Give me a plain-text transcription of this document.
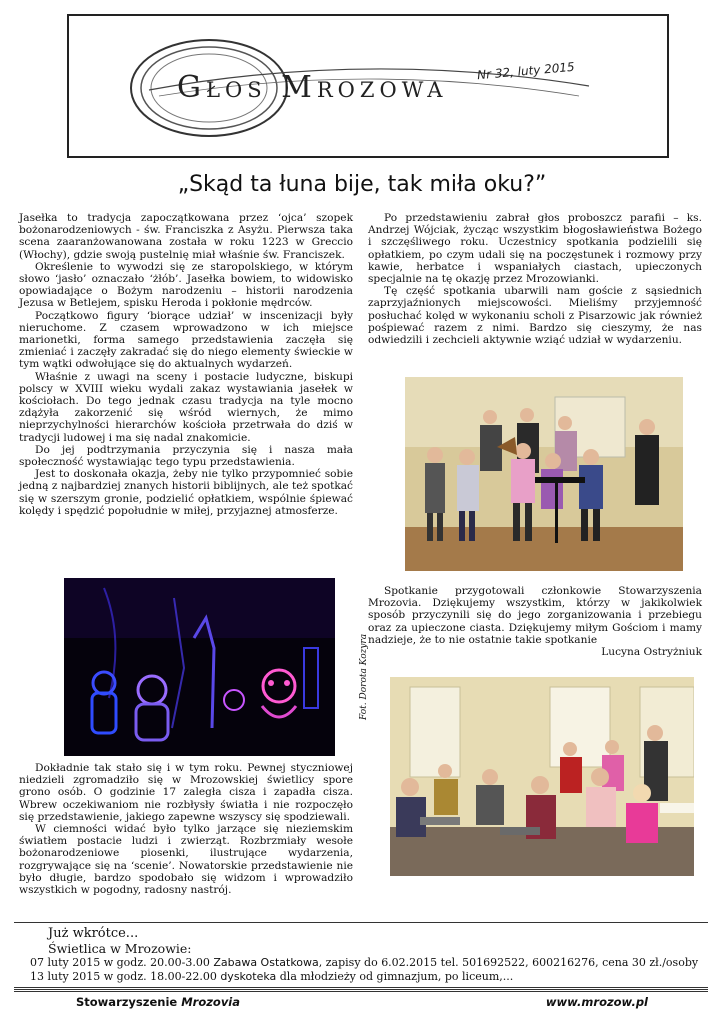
Głos Mrozowa Nr 32, luty 2015
„Skąd ta łuna bije, tak miła oku?”

Jasełka to tradycja zapoczątkowana przez ‘ojca’ szopek bożonarodzeniowych - św. Franciszka z Asyżu. Pierwsza taka scena zaaranżowanowana została w roku 1223 w Greccio (Włochy), gdzie swoją pustelnię miał właśnie św. Franciszek.

Określenie to wywodzi się ze staropolskiego, w którym słowo ‘jasło’ oznaczało ‘żłób’. Jasełka bowiem, to widowisko opowiadające o Bożym narodzeniu – historii narodzenia Jezusa w Betlejem, spisku Heroda i pokłonie mędrców.

Początkowo figury ‘biorące udział’ w inscenizacji były nieruchome. Z czasem wprowadzono w ich miejsce marionetki, forma samego przedstawienia zaczęła się zmieniać i zaczęły zakradać się do niego elementy świeckie w tym wątki odwołujące się do aktualnych wydarzeń.

Właśnie z uwagi na sceny i postacie ludyczne, biskupi polscy w XVIII wieku wydali zakaz wystawiania jasełek w kościołach. Do tego jednak czasu tradycja na tyle mocno zdążyła zakorzenić się wśród wiernych, że mimo nieprzychylności hierarchów kościoła przetrwała do dziś w tradycji ludowej i ma się nadal znakomicie.

Do jej podtrzymania przyczynia się i nasza mała społeczność wystawiając tego typu przedstawienia.

Jest to doskonała okazja, żeby nie tylko przypomnieć sobie jedną z najbardziej znanych historii biblijnych, ale też spotkać się w szerszym gronie, podzielić opłatkiem, wspólnie śpiewać kolędy i spędzić popołudnie w miłej, przyjaznej atmosferze.

Dokładnie tak stało się i w tym roku. Pewnej styczniowej niedzieli zgromadziło się w Mrozowskiej świetlicy spore grono osób. O godzinie 17 zaległa cisza i zapadła cisza. Wbrew oczekiwaniom nie rozbłysły światła i nie rozpoczęło się przedstawienie, jakiego zapewne wszyscy się spodziewali.

W ciemności widać było tylko jarzące się nieziemskim światłem postacie ludzi i zwierząt. Rozbrzmiały wesołe bożonarodzeniowe piosenki, ilustrujące wydarzenia, rozgrywające się na ‘scenie’. Nowatorskie przedstawienie nie było długie, bardzo spodobało się widzom i wprowadziło wszystkich w pogodny, radosny nastrój.

Po przedstawieniu zabrał głos proboszcz parafii – ks. Andrzej Wójciak, życząc wszystkim błogosławieństwa Bożego i szczęśliwego roku. Uczestnicy spotkania podzielili się opłatkiem, po czym udali się na poczęstunek i rozmowy przy kawie, herbatce i wspaniałych ciastach, upieczonych specjalnie na tę okazję przez Mrozowianki.

Tę część spotkania ubarwili nam goście z sąsiednich zaprzyjaźnionych miejscowości. Mieliśmy przyjemność posłuchać kolęd w wykonaniu scholi z Pisarzowic jak również pośpiewać razem z nimi. Bardzo się cieszymy, że nas odwiedzili i zechcieli aktywnie wziąć udział w wydarzeniu.

Spotkanie przygotowali członkowie Stowarzyszenia Mrozovia. Dziękujemy wszystkim, którzy w jakikolwiek sposób przyczynili się do jego zorganizowania i przebiegu oraz za upieczone ciasta. Dziękujemy miłym Gościom i mamy nadzieje, że to nie ostatnie takie spotkanie

Lucyna Ostryżniuk

Fot. Dorota Kozyra
Już wkrótce...
Świetlica w Mrozowie:
07 luty 2015 w godz. 20.00-3.00 Zabawa Ostatkowa, zapisy do 6.02.2015 tel. 501692522, 600216276, cena 30 zł./osoby
13 luty 2015 w godz. 18.00-22.00 dyskoteka dla młodzieży od gimnazjum, po liceum,...
Stowarzyszenie Mrozovia	www.mrozow.pl
